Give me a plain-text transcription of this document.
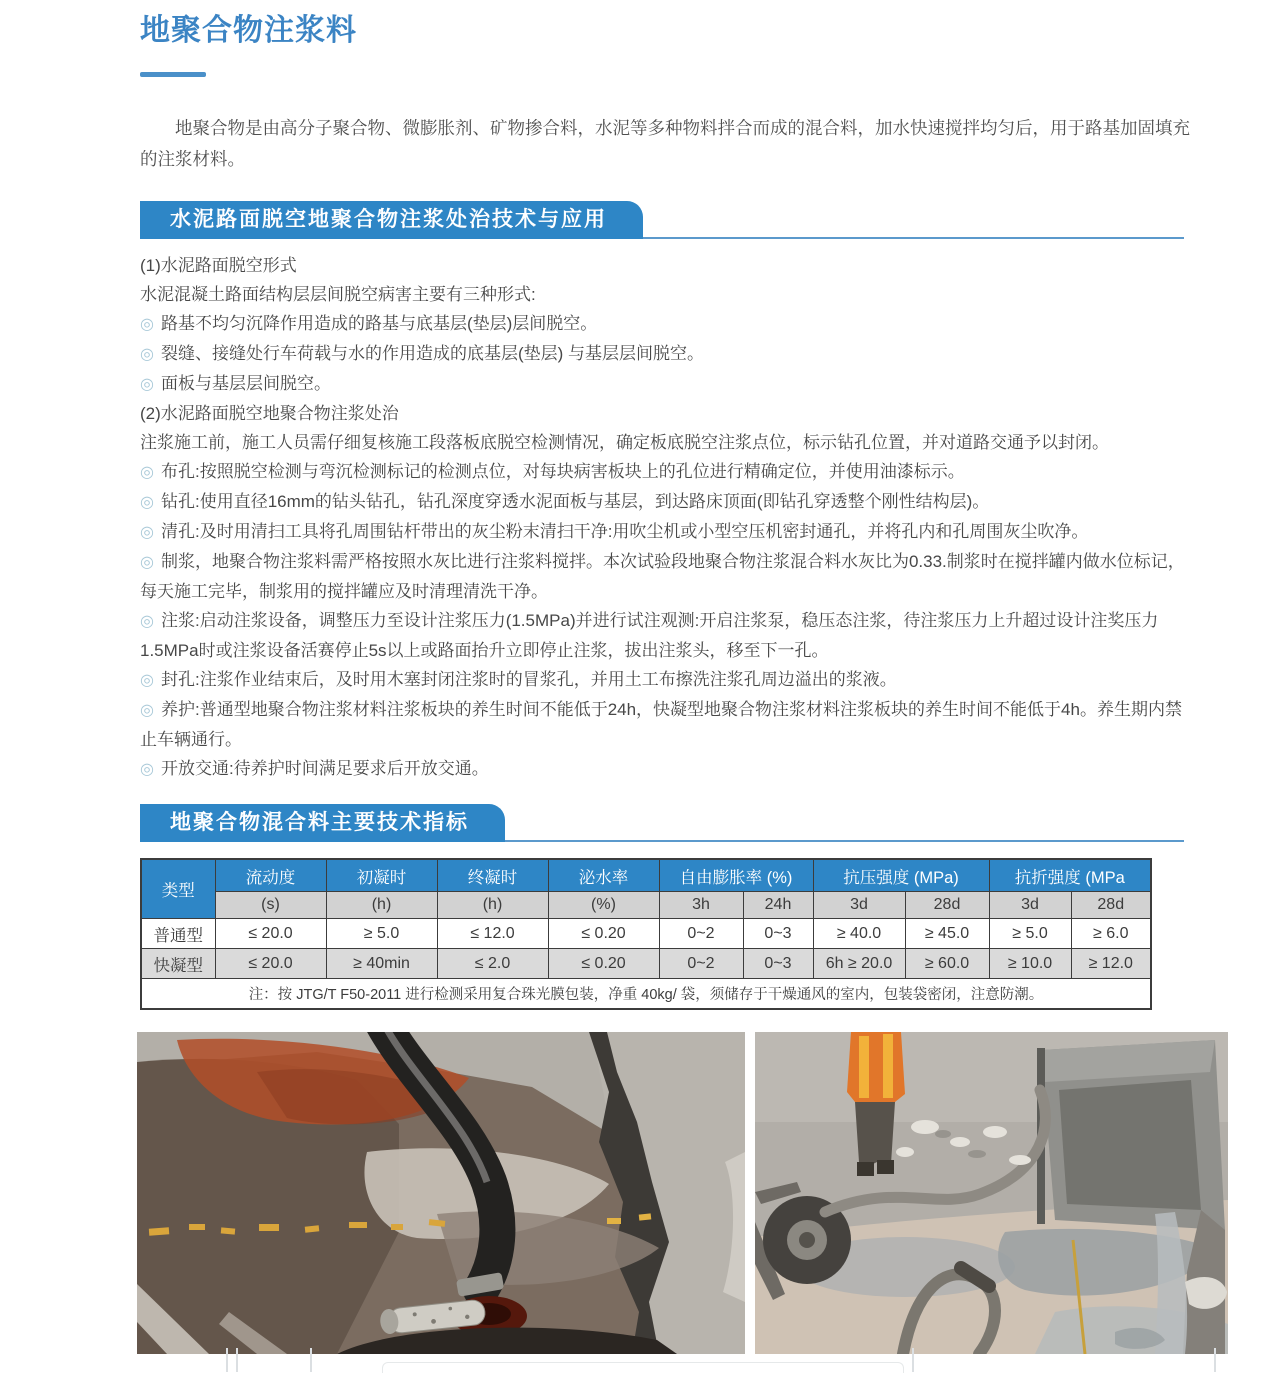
地聚合物注浆料

地聚合物是由高分子聚合物、微膨胀剂、矿物掺合料，水泥等多种物料拌合而成的混合料，加水快速搅拌均匀后，用于路基加固填充的注浆材料。

水泥路面脱空地聚合物注浆处治技术与应用

(1)水泥路面脱空形式

水泥混凝土路面结构层层间脱空病害主要有三种形式:

◎ 路基不均匀沉降作用造成的路基与底基层(垫层)层间脱空。

◎ 裂缝、接缝处行车荷载与水的作用造成的底基层(垫层) 与基层层间脱空。

◎ 面板与基层层间脱空。

(2)水泥路面脱空地聚合物注浆处治

注浆施工前，施工人员需仔细复核施工段落板底脱空检测情况，确定板底脱空注浆点位，标示钻孔位置，并对道路交通予以封闭。

◎ 布孔:按照脱空检测与弯沉检测标记的检测点位，对每块病害板块上的孔位进行精确定位，并使用油漆标示。

◎ 钻孔:使用直径16mm的钻头钻孔，钻孔深度穿透水泥面板与基层，到达路床顶面(即钻孔穿透整个刚性结构层)。

◎ 清孔:及时用清扫工具将孔周围钻杆带出的灰尘粉末清扫干净:用吹尘机或小型空压机密封通孔，并将孔内和孔周围灰尘吹净。

◎ 制浆，地聚合物注浆料需严格按照水灰比进行注浆料搅拌。本次试验段地聚合物注浆混合料水灰比为0.33.制浆时在搅拌罐内做水位标记，每天施工完毕，制浆用的搅拌罐应及时清理清洗干净。

◎ 注浆:启动注浆设备，调整压力至设计注浆压力(1.5MPa)并进行试注观测:开启注浆泵，稳压态注浆，待注浆压力上升超过设计注奖压力1.5MPa时或注浆设备活赛停止5s以上或路面抬升立即停止注浆，拔出注浆头，移至下一孔。

◎ 封孔:注浆作业结束后，及时用木塞封闭注浆时的冒浆孔，并用土工布擦洗注浆孔周边溢出的浆液。

◎ 养护:普通型地聚合物注浆材料注浆板块的养生时间不能低于24h，快凝型地聚合物注浆材料注浆板块的养生时间不能低于4h。养生期内禁止车辆通行。

◎ 开放交通:待养护时间满足要求后开放交通。

地聚合物混合料主要技术指标
类型	流动度	初凝时	终凝时	泌水率	自由膨胀率 (%)		抗压强度 (MPa)		抗折强度 (MPa	
	(s)	(h)	(h)	(%)	3h	24h	3d	28d	3d	28d
普通型	≤ 20.0	≥ 5.0	≤ 12.0	≤ 0.20	0~2	0~3	≥ 40.0	≥ 45.0	≥ 5.0	≥ 6.0
快凝型	≤ 20.0	≥ 40min	≤ 2.0	≤ 0.20	0~2	0~3	6h ≥ 20.0	≥ 60.0	≥ 10.0	≥ 12.0
注：按 JTG/T F50-2011 进行检测采用复合珠光膜包装，净重 40kg/ 袋，须储存于干燥通风的室内，包装袋密闭，注意防潮。										
